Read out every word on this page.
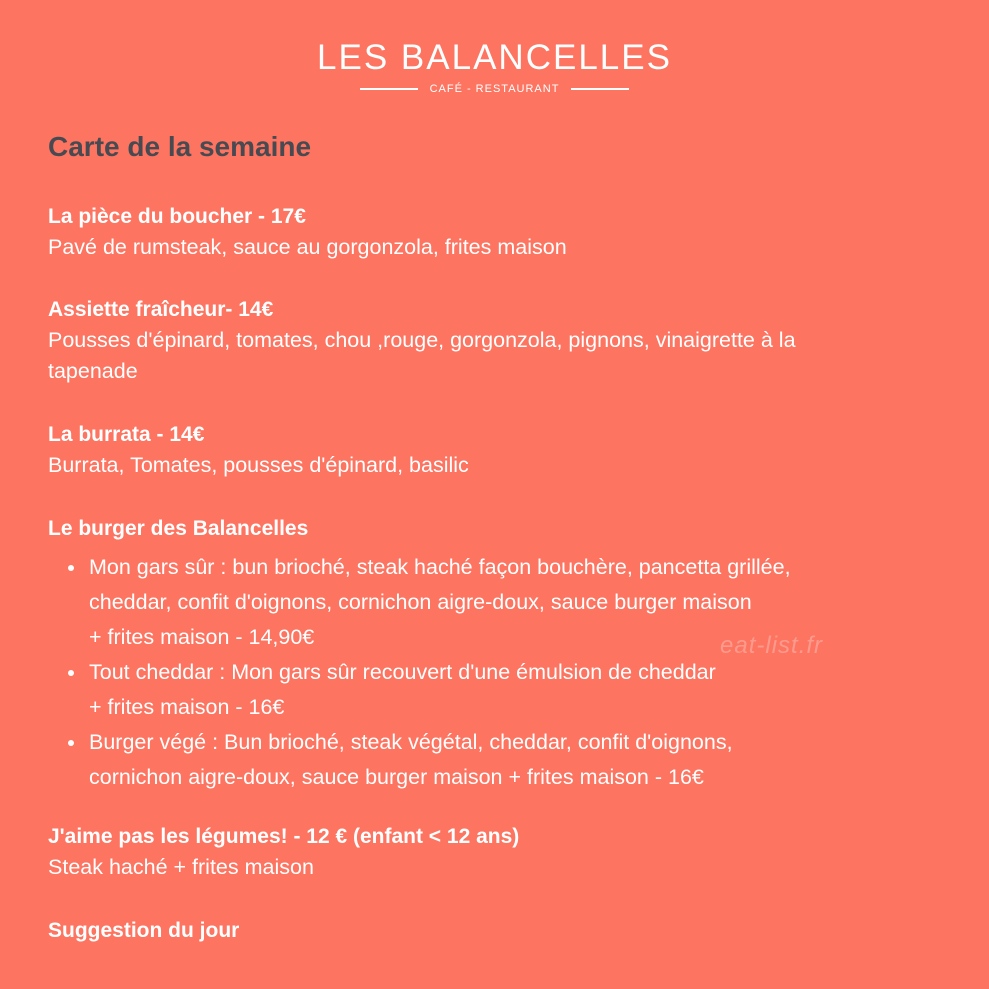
LES BALANCELLES
CAFÉ - RESTAURANT
Carte de la semaine
La pièce du boucher - 17€
Pavé de rumsteak, sauce au gorgonzola, frites maison
Assiette fraîcheur- 14€
Pousses d'épinard, tomates, chou ,rouge, gorgonzola, pignons, vinaigrette à la
tapenade
La burrata - 14€
Burrata, Tomates, pousses d'épinard, basilic
Le burger des Balancelles
Mon gars sûr : bun brioché, steak haché façon bouchère, pancetta grillée,
cheddar, confit d'oignons, cornichon aigre-doux, sauce burger maison
+ frites maison - 14,90€
Tout cheddar : Mon gars sûr recouvert d'une émulsion de cheddar
+ frites maison - 16€
Burger végé : Bun brioché, steak végétal, cheddar, confit d'oignons,
cornichon aigre-doux, sauce burger maison + frites maison - 16€
J'aime pas les légumes! - 12 € (enfant < 12 ans)
Steak haché + frites maison
Suggestion du jour
eat-list.fr
